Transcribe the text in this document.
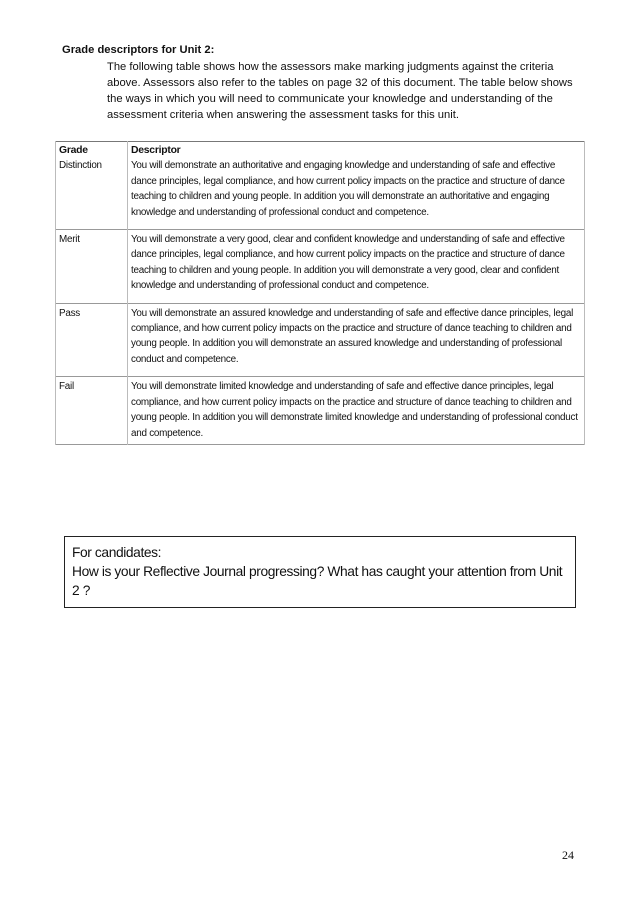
Grade descriptors for Unit 2:
The following table shows how the assessors make marking judgments against the criteria above. Assessors also refer to the tables on page 32 of this document. The table below shows the ways in which you will need to communicate your knowledge and understanding of the assessment criteria when answering the assessment tasks for this unit.
Grade	Descriptor
Distinction	You will demonstrate an authoritative and engaging knowledge and understanding of safe and effective dance principles, legal compliance, and how current policy impacts on the practice and structure of dance teaching to children and young people. In addition you will demonstrate an authoritative and engaging knowledge and understanding of professional conduct and competence.
Merit	You will demonstrate a very good, clear and confident knowledge and understanding of safe and effective dance principles, legal compliance, and how current policy impacts on the practice and structure of dance teaching to children and young people. In addition you will demonstrate a very good, clear and confident knowledge and understanding of professional conduct and competence.
Pass	You will demonstrate an assured knowledge and understanding of safe and effective dance principles, legal compliance, and how current policy impacts on the practice and structure of dance teaching to children and young people. In addition you will demonstrate an assured knowledge and understanding of professional conduct and competence.
Fail	You will demonstrate limited knowledge and understanding of safe and effective dance principles, legal compliance, and how current policy impacts on the practice and structure of dance teaching to children and young people. In addition you will demonstrate limited knowledge and understanding of professional conduct and competence.
For candidates:
How is your Reflective Journal progressing? What has caught your attention from Unit 2 ?
24
